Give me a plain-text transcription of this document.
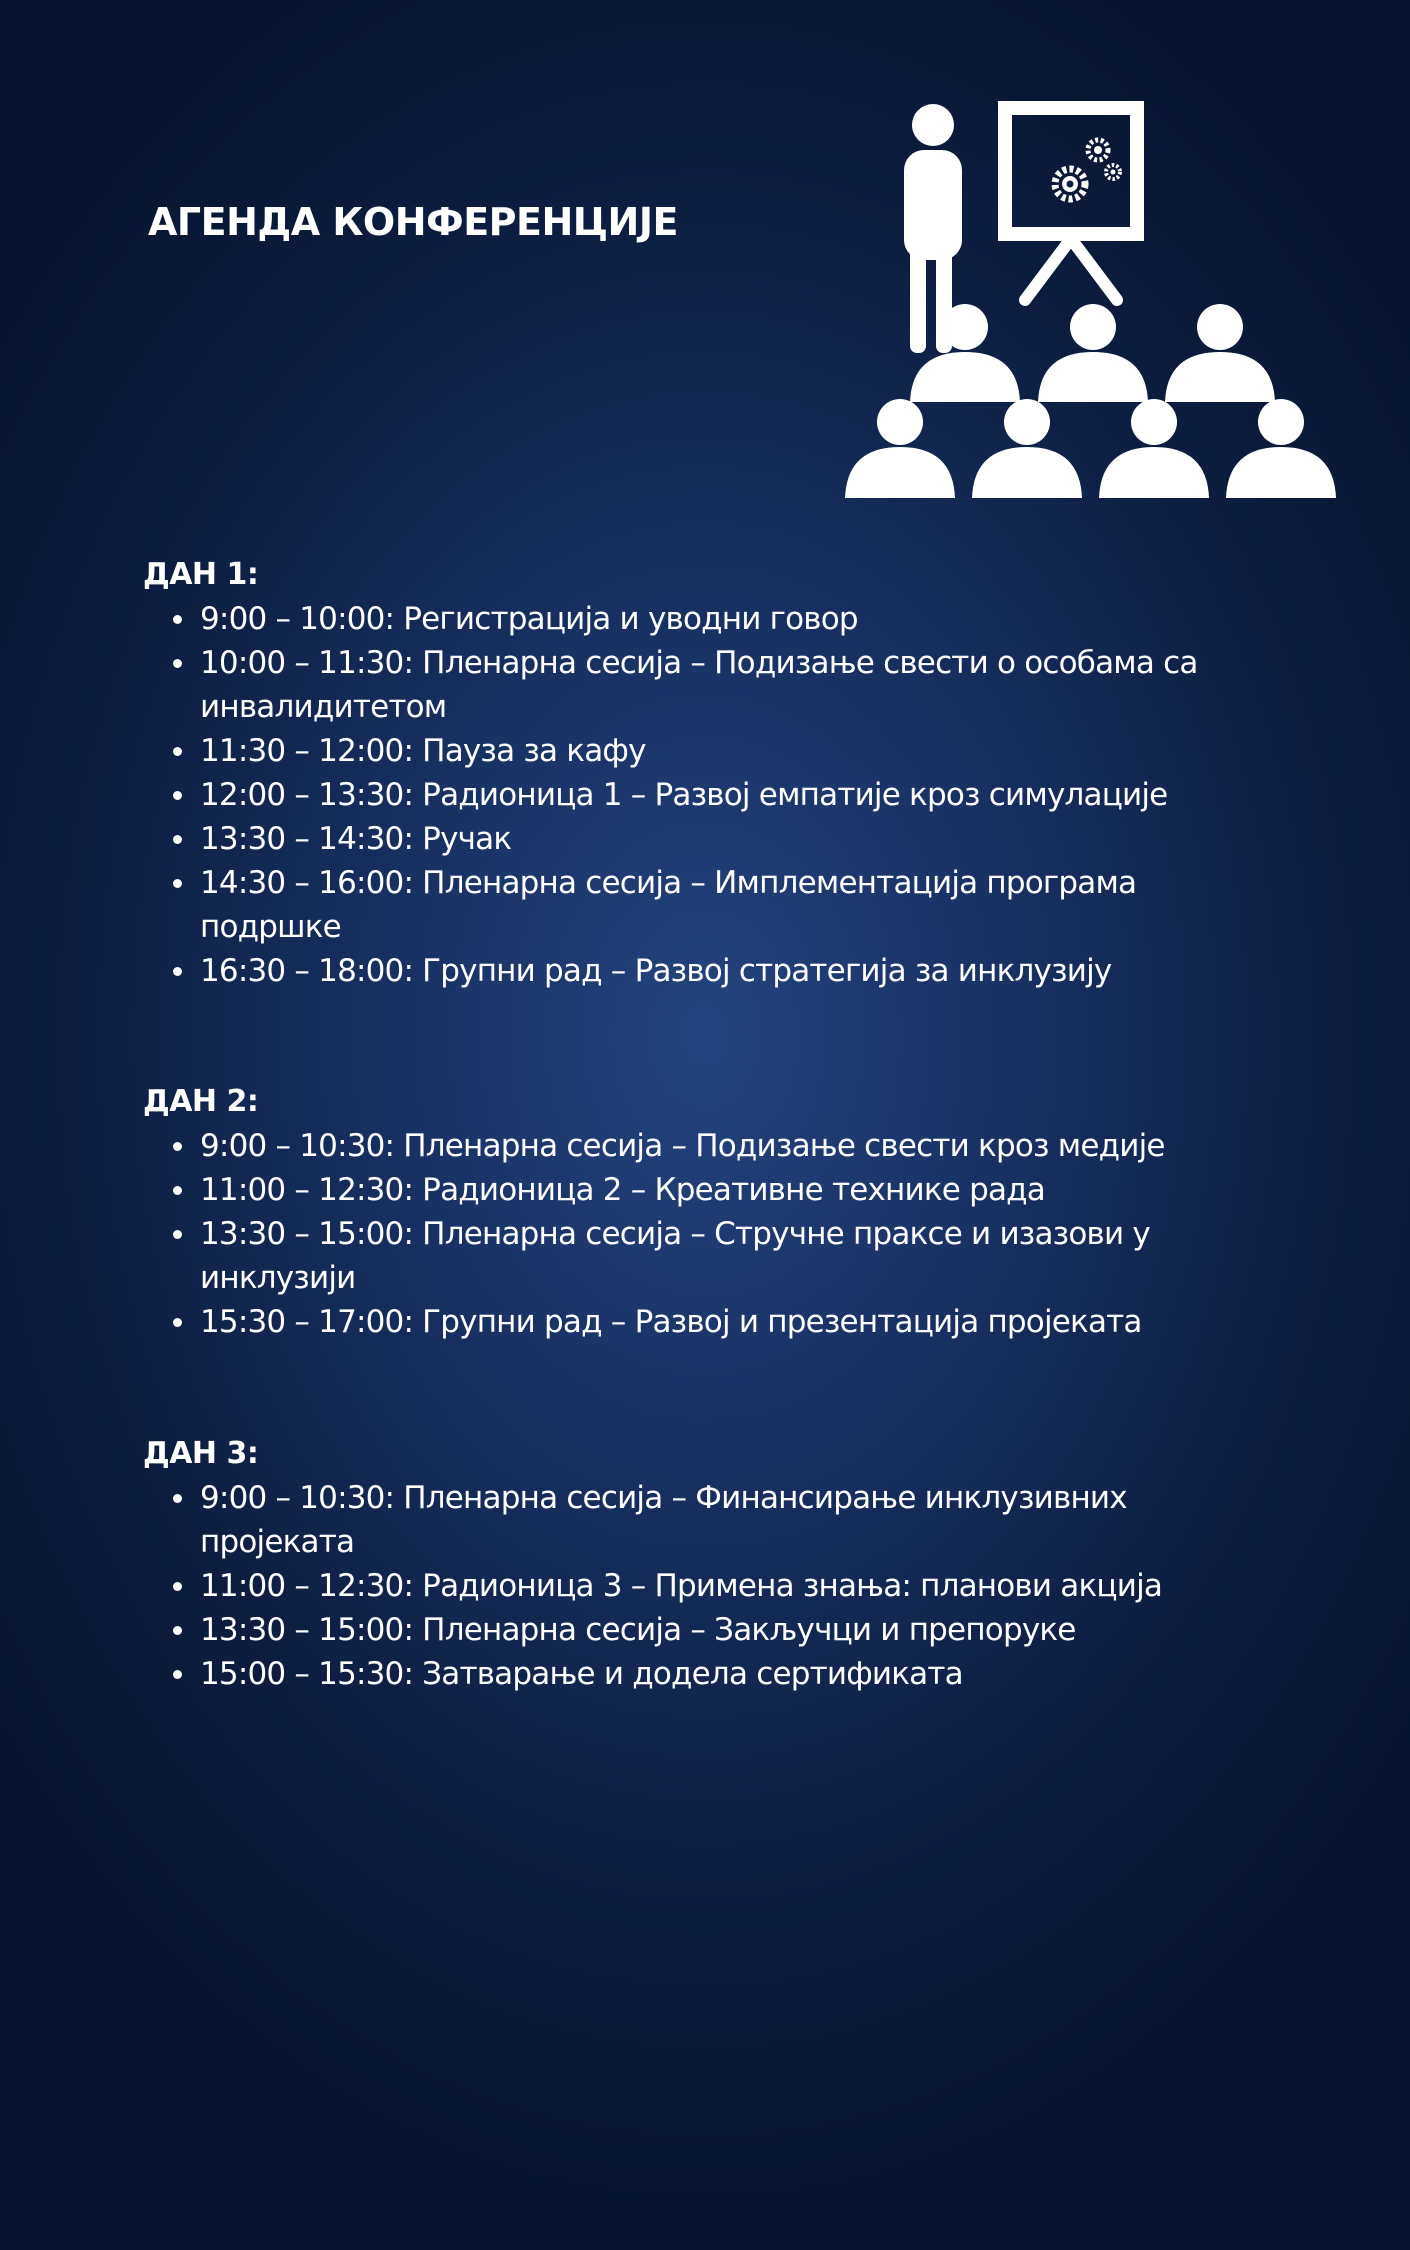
АГЕНДА КОНФЕРЕНЦИЈЕ
ДАН 1:
9:00 – 10:00: Регистрација и уводни говор
10:00 – 11:30: Пленарна сесија – Подизање свести о особама са инвалидитетом
11:30 – 12:00: Пауза за кафу
12:00 – 13:30: Радионица 1 – Развој емпатије кроз симулације
13:30 – 14:30: Ручак
14:30 – 16:00: Пленарна сесија – Имплементација програма подршке
16:30 – 18:00: Групни рад – Развој стратегија за инклузију
ДАН 2:
9:00 – 10:30: Пленарна сесија – Подизање свести кроз медије
11:00 – 12:30: Радионица 2 – Креативне технике рада
13:30 – 15:00: Пленарна сесија – Стручне праксе и изазови у инклузији
15:30 – 17:00: Групни рад – Развој и презентација пројеката
ДАН 3:
9:00 – 10:30: Пленарна сесија – Финансирање инклузивних пројеката
11:00 – 12:30: Радионица 3 – Примена знања: планови акција
13:30 – 15:00: Пленарна сесија – Закључци и препоруке
15:00 – 15:30: Затварање и додела сертификата
